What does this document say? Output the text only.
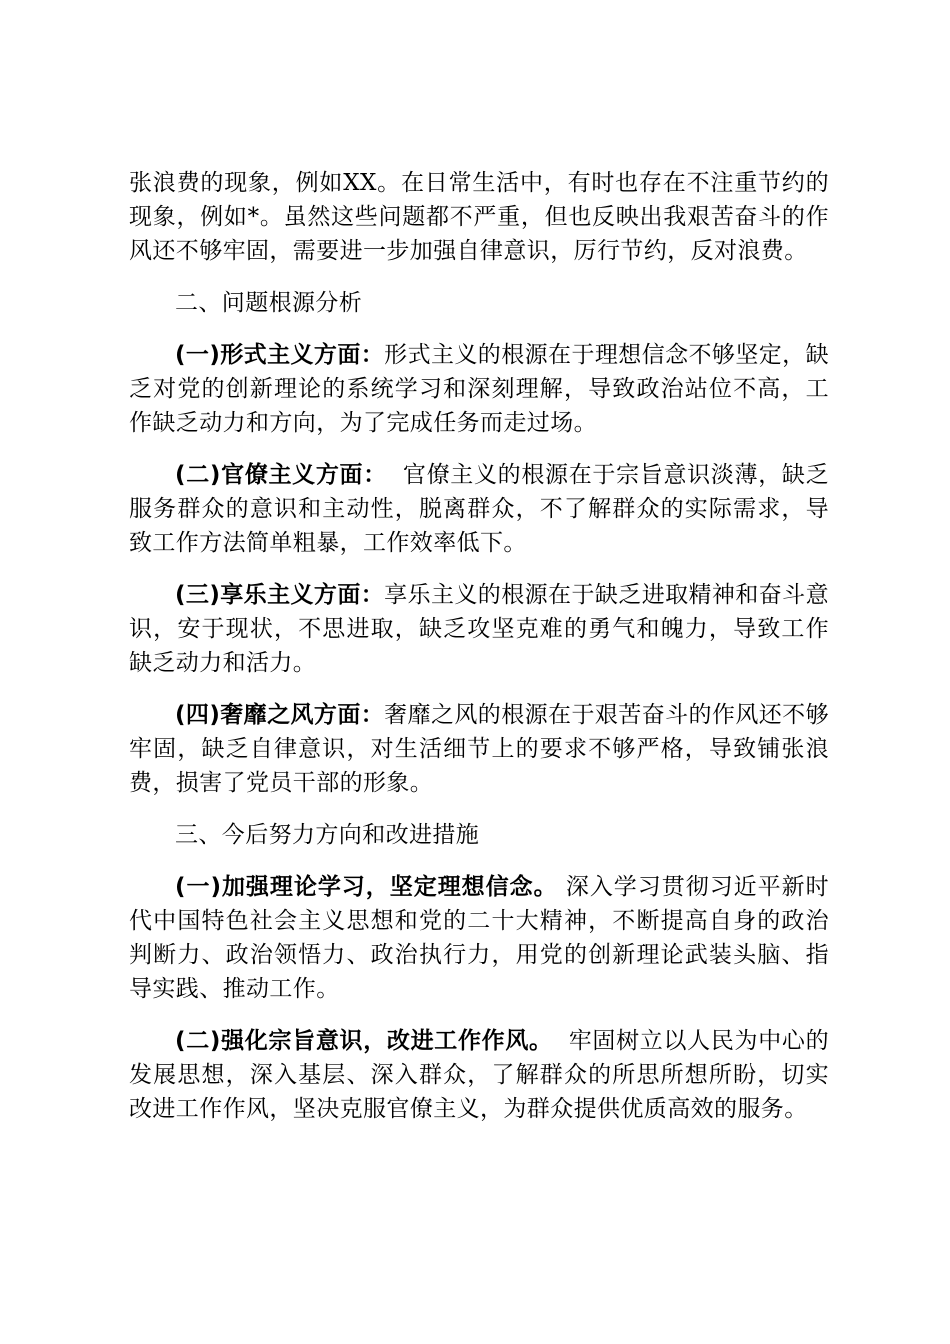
张浪费的现象，例如XX。在日常生活中，有时也存在不注重节约的现象，例如*。虽然这些问题都不严重，但也反映出我艰苦奋斗的作风还不够牢固，需要进一步加强自律意识，厉行节约，反对浪费。

二、问题根源分析

(一)形式主义方面：形式主义的根源在于理想信念不够坚定，缺乏对党的创新理论的系统学习和深刻理解，导致政治站位不高，工作缺乏动力和方向，为了完成任务而走过场。

(二)官僚主义方面：  官僚主义的根源在于宗旨意识淡薄，缺乏服务群众的意识和主动性，脱离群众，不了解群众的实际需求，导致工作方法简单粗暴，工作效率低下。

(三)享乐主义方面：享乐主义的根源在于缺乏进取精神和奋斗意识，安于现状，不思进取，缺乏攻坚克难的勇气和魄力，导致工作缺乏动力和活力。

(四)奢靡之风方面：奢靡之风的根源在于艰苦奋斗的作风还不够牢固，缺乏自律意识，对生活细节上的要求不够严格，导致铺张浪费，损害了党员干部的形象。

三、今后努力方向和改进措施

(一)加强理论学习，坚定理想信念。 深入学习贯彻习近平新时代中国特色社会主义思想和党的二十大精神，不断提高自身的政治判断力、政治领悟力、政治执行力，用党的创新理论武装头脑、指导实践、推动工作。

(二)强化宗旨意识，改进工作作风。  牢固树立以人民为中心的发展思想，深入基层、深入群众，了解群众的所思所想所盼，切实改进工作作风，坚决克服官僚主义，为群众提供优质高效的服务。
